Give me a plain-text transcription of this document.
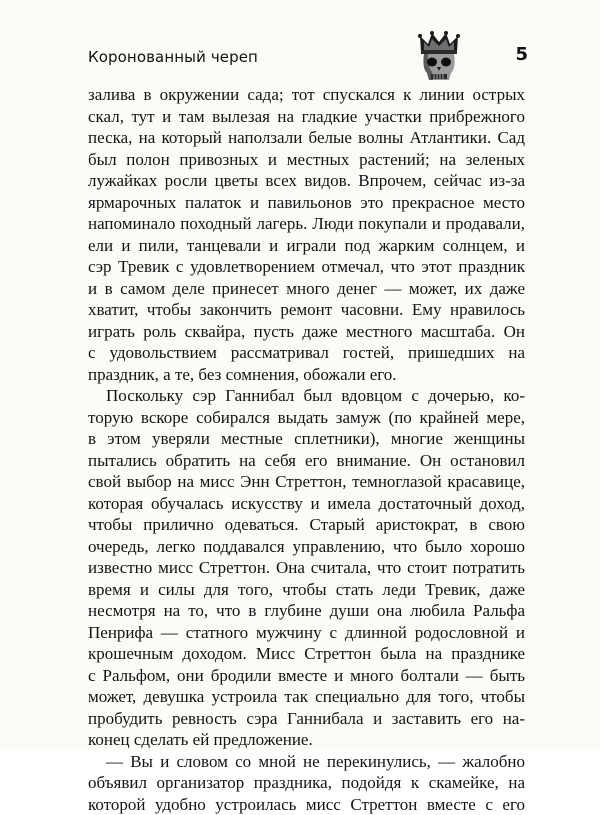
Коронованный череп	5
залива в окружении сада; тот спускался к линии острых
скал, тут и там вылезая на гладкие участки прибрежного
песка, на который наползали белые волны Атлантики. Сад
был полон привозных и местных растений; на зеленых
лужайках росли цветы всех видов. Впрочем, сейчас из-за
ярмарочных палаток и павильонов это прекрасное место
напоминало походный лагерь. Люди покупали и продавали,
ели и пили, танцевали и играли под жарким солнцем, и
сэр Тревик с удовлетворением отмечал, что этот праздник
и в самом деле принесет много денег — может, их даже
хватит, чтобы закончить ремонт часовни. Ему нравилось
играть роль сквайра, пусть даже местного масштаба. Он
с удовольствием рассматривал гостей, пришедших на
праздник, а те, без сомнения, обожали его.
Поскольку сэр Ганнибал был вдовцом с дочерью, ко-
торую вскоре собирался выдать замуж (по крайней мере,
в этом уверяли местные сплетники), многие женщины
пытались обратить на себя его внимание. Он остановил
свой выбор на мисс Энн Стреттон, темноглазой красавице,
которая обучалась искусству и имела достаточный доход,
чтобы прилично одеваться. Старый аристократ, в свою
очередь, легко поддавался управлению, что было хорошо
известно мисс Стреттон. Она считала, что стоит потратить
время и силы для того, чтобы стать леди Тревик, даже
несмотря на то, что в глубине души она любила Ральфа
Пенрифа — статного мужчину с длинной родословной и
крошечным доходом. Мисс Стреттон была на празднике
с Ральфом, они бродили вместе и много болтали — быть
может, девушка устроила так специально для того, чтобы
пробудить ревность сэра Ганнибала и заставить его на-
конец сделать ей предложение.
— Вы и словом со мной не перекинулись, — жалобно
объявил организатор праздника, подойдя к скамейке, на
которой удобно устроилась мисс Стреттон вместе с его
